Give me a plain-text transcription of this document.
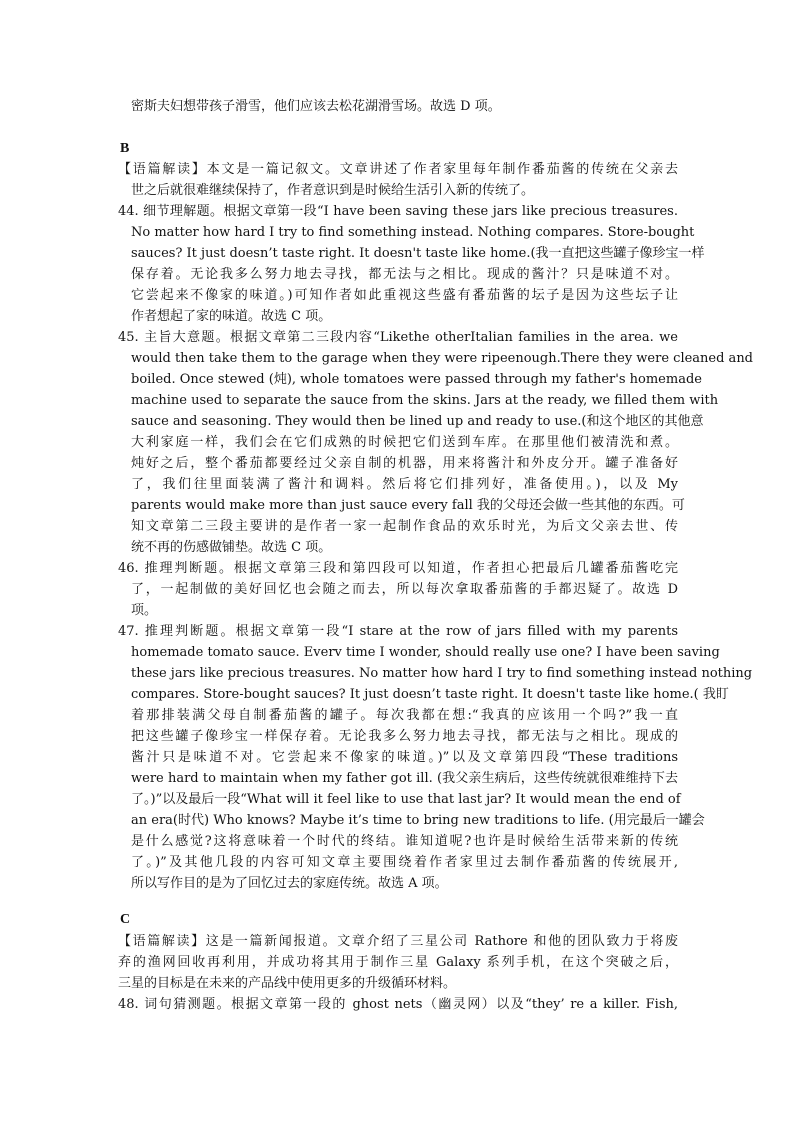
密斯夫妇想带孩子滑雪，他们应该去松花湖滑雪场。故选 D 项。
B
【语篇解读】本文是一篇记叙文。文章讲述了作者家里每年制作番茄酱的传统在父亲去
世之后就很难继续保持了，作者意识到是时候给生活引入新的传统了。
44. 细节理解题。根据文章第一段“I have been saving these jars like precious treasures.
No matter how hard I try to find something instead. Nothing compares. Store-bought
sauces? It just doesn’t taste right. It doesn't taste like home.(我一直把这些罐子像珍宝一样
保存着。无论我多么努力地去寻找，都无法与之相比。现成的酱汁？只是味道不对。
它尝起来不像家的味道。)可知作者如此重视这些盛有番茄酱的坛子是因为这些坛子让
作者想起了家的味道。故选 C 项。
45. 主旨大意题。根据文章第二三段内容“Likethe otherItalian families in the area. we
would then take them to the garage when they were ripeenough.There they were cleaned and
boiled. Once stewed (炖), whole tomatoes were passed through my father's homemade
machine used to separate the sauce from the skins. Jars at the ready, we filled them with
sauce and seasoning. They would then be lined up and ready to use.(和这个地区的其他意
大利家庭一样，我们会在它们成熟的时候把它们送到车库。在那里他们被清洗和煮。
炖好之后，整个番茄都要经过父亲自制的机器，用来将酱汁和外皮分开。罐子准备好
了，我们往里面装满了酱汁和调料。然后将它们排列好，准备使用。)，以及 My
parents would make more than just sauce every fall 我的父母还会做一些其他的东西。可
知文章第二三段主要讲的是作者一家一起制作食品的欢乐时光，为后文父亲去世、传
统不再的伤感做铺垫。故选 C 项。
46. 推理判断题。根据文章第三段和第四段可以知道，作者担心把最后几罐番茄酱吃完
了，一起制做的美好回忆也会随之而去，所以每次拿取番茄酱的手都迟疑了。故选 D
项。
47. 推理判断题。根据文章第一段“I stare at the row of jars filled with my parents
homemade tomato sauce. Everv time I wonder, should really use one? I have been saving
these jars like precious treasures. No matter how hard I try to find something instead nothing
compares. Store-bought sauces? It just doesn’t taste right. It doesn't taste like home.( 我盯
着那排装满父母自制番茄酱的罐子。每次我都在想:“我真的应该用一个吗?”我一直
把这些罐子像珍宝一样保存着。无论我多么努力地去寻找，都无法与之相比。现成的
酱汁只是味道不对。它尝起来不像家的味道。)”以及文章第四段“These traditions
were hard to maintain when my father got ill. (我父亲生病后，这些传统就很难维持下去
了。)”以及最后一段“What will it feel like to use that last jar? It would mean the end of
an era(时代) Who knows? Maybe it’s time to bring new traditions to life. (用完最后一罐会
是什么感觉?这将意味着一个时代的终结。谁知道呢?也许是时候给生活带来新的传统
了。)”及其他几段的内容可知文章主要围绕着作者家里过去制作番茄酱的传统展开,
所以写作目的是为了回忆过去的家庭传统。故选 A 项。
C
【语篇解读】这是一篇新闻报道。文章介绍了三星公司 Rathore 和他的团队致力于将废
弃的渔网回收再利用，并成功将其用于制作三星 Galaxy 系列手机，在这个突破之后，
三星的目标是在未来的产品线中使用更多的升级循环材料。
48. 词句猜测题。根据文章第一段的 ghost nets（幽灵网）以及“they’ re a killer. Fish,
